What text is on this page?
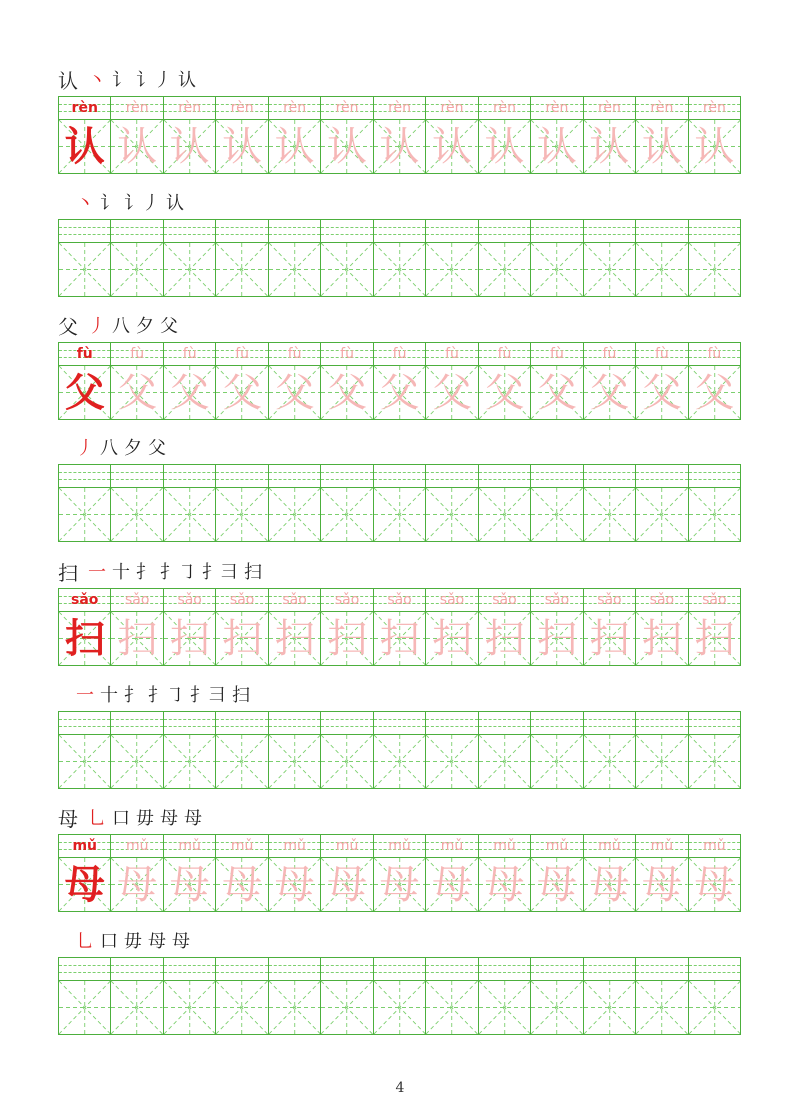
认 丶 讠 讠丿 认
rèn
认
rèn
认
rèn
认
rèn
认
rèn
认
rèn
认
rèn
认
rèn
认
rèn
认
rèn
认
rèn
认
rèn
认
rèn
认
丶 讠 讠丿 认
父 丿 八 夕 父
fù
父
fù
父
fù
父
fù
父
fù
父
fù
父
fù
父
fù
父
fù
父
fù
父
fù
父
fù
父
fù
父
丿 八 夕 父
扫 一 十 扌 扌㇆ 扌⺕ 扫
sǎo
扫
sǎo
扫
sǎo
扫
sǎo
扫
sǎo
扫
sǎo
扫
sǎo
扫
sǎo
扫
sǎo
扫
sǎo
扫
sǎo
扫
sǎo
扫
sǎo
扫
一 十 扌 扌㇆ 扌⺕ 扫
母 乚 口 毋 母 母
mǔ
母
mǔ
母
mǔ
母
mǔ
母
mǔ
母
mǔ
母
mǔ
母
mǔ
母
mǔ
母
mǔ
母
mǔ
母
mǔ
母
mǔ
母
乚 口 毋 母 母
4
